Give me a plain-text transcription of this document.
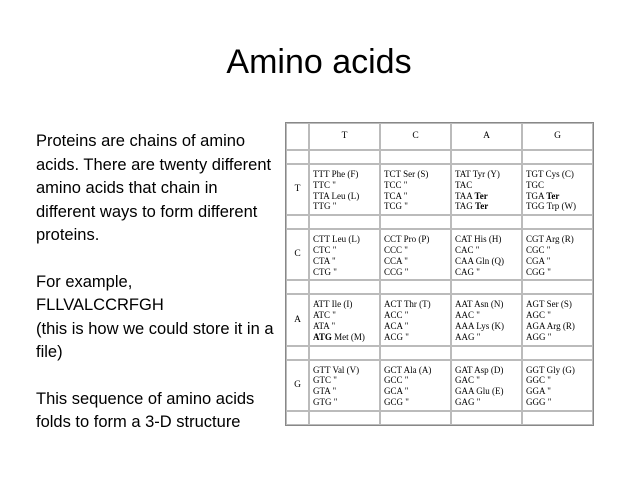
Amino acids

Proteins are chains of amino acids. There are twenty different amino acids that chain in different ways to form different proteins.

For example,

FLLVALCCRFGH

(this is how we could store it in a file)

This sequence of amino acids folds to form a 3-D structure

	T	C	A	G

T	TTT Phe (F)
TTC "
TTA Leu (L)
TTG "	TCT Ser (S)
TCC "
TCA "
TCG "	TAT Tyr (Y)
TAC
TAA Ter
TAG Ter	TGT Cys (C)
TGC
TGA Ter
TGG Trp (W)

C	CTT Leu (L)
CTC "
CTA "
CTG "	CCT Pro (P)
CCC "
CCA "
CCG "	CAT His (H)
CAC "
CAA Gln (Q)
CAG "	CGT Arg (R)
CGC "
CGA "
CGG "

A	ATT Ile (I)
ATC "
ATA "
ATG Met (M)	ACT Thr (T)
ACC "
ACA "
ACG "	AAT Asn (N)
AAC "
AAA Lys (K)
AAG "	AGT Ser (S)
AGC "
AGA Arg (R)
AGG "

G	GTT Val (V)
GTC "
GTA "
GTG "	GCT Ala (A)
GCC "
GCA "
GCG "	GAT Asp (D)
GAC "
GAA Glu (E)
GAG "	GGT Gly (G)
GGC "
GGA "
GGG "
